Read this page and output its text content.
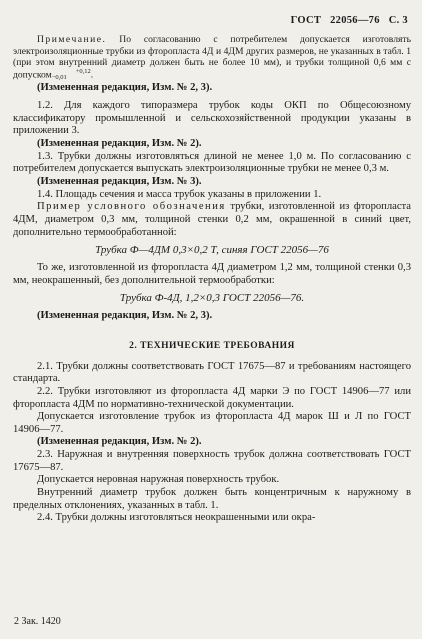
ГОСТ 22056—76 С. 3

Примечание. По согласованию с потребителем допускается изготовлять электроизоляционные трубки из фторопласта 4Д и 4ДМ других размеров, не указанных в табл. 1 (при этом внутренний диаметр должен быть не более 10 мм), и трубки толщиной 0,6 мм с допуском	+0,12
−0,01	.

(Измененная редакция, Изм. № 2, 3).

1.2. Для каждого типоразмера трубок коды ОКП по Общесоюзному классификатору промышленной и сельскохозяйственной продукции указаны в приложении 3.

(Измененная редакция, Изм. № 2).

1.3. Трубки должны изготовляться длиной не менее 1,0 м. По согласованию с потребителем допускается выпускать электроизоляционные трубки не менее 0,3 м.

(Измененная редакция, Изм. № 3).

1.4. Площадь сечения и масса трубок указаны в приложении 1.

Пример условного обозначения трубки, изготовленной из фторопласта 4ДМ, диаметром 0,3 мм, толщиной стенки 0,2 мм, окрашенной в синий цвет, дополнительно термообработанной:

Трубка Ф—4ДМ 0,3×0,2 Т, синяя ГОСТ 22056—76

То же, изготовленной из фторопласта 4Д диаметром 1,2 мм, толщиной стенки 0,3 мм, неокрашенный, без дополнительной термообработки:

Трубка Ф-4Д, 1,2×0,3 ГОСТ 22056—76.

(Измененная редакция, Изм. № 2, 3).

2. ТЕХНИЧЕСКИЕ ТРЕБОВАНИЯ

2.1. Трубки должны соответствовать ГОСТ 17675—87 и требованиям настоящего стандарта.

2.2. Трубки изготовляют из фторопласта 4Д марки Э по ГОСТ 14906—77 или фторопласта 4ДМ по нормативно-технической документации.

Допускается изготовление трубок из фторопласта 4Д марок Ш и Л по ГОСТ 14906—77.

(Измененная редакция, Изм. № 2).

2.3. Наружная и внутренняя поверхность трубок должна соответствовать ГОСТ 17675—87.

Допускается неровная наружная поверхность трубок.

Внутренний диаметр трубок должен быть концентричным к наружному в пределных отклонениях, указанных в табл. 1.

2.4. Трубки должны изготовляться неокрашенными или окра-

2 Зак. 1420
